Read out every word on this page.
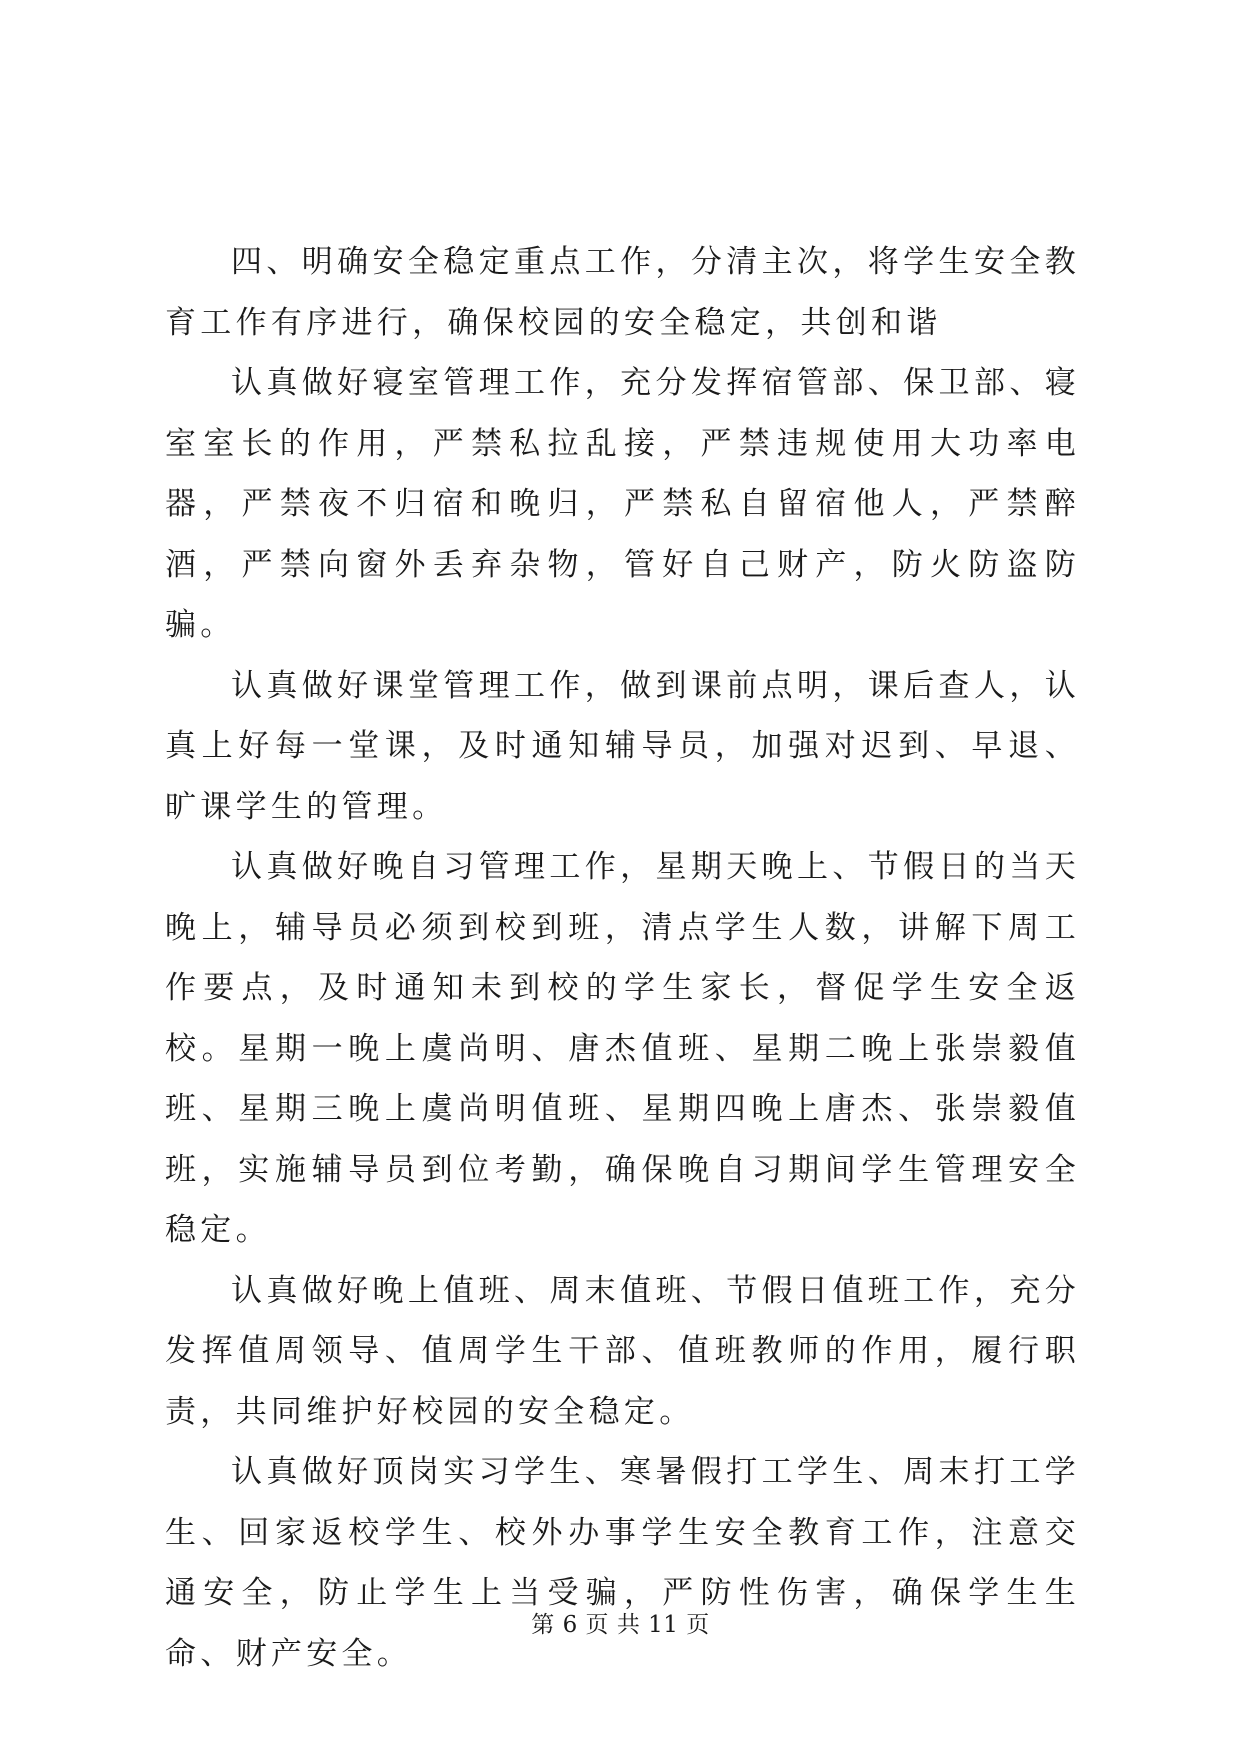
四、明确安全稳定重点工作，分清主次，将学生安全教育工作有序进行，确保校园的安全稳定，共创和谐

认真做好寝室管理工作，充分发挥宿管部、保卫部、寝室室长的作用，严禁私拉乱接，严禁违规使用大功率电器，严禁夜不归宿和晚归，严禁私自留宿他人，严禁醉酒，严禁向窗外丢弃杂物，管好自己财产，防火防盗防骗。

认真做好课堂管理工作，做到课前点明，课后查人，认真上好每一堂课，及时通知辅导员，加强对迟到、早退、旷课学生的管理。

认真做好晚自习管理工作，星期天晚上、节假日的当天晚上，辅导员必须到校到班，清点学生人数，讲解下周工作要点，及时通知未到校的学生家长，督促学生安全返校。星期一晚上虞尚明、唐杰值班、星期二晚上张崇毅值班、星期三晚上虞尚明值班、星期四晚上唐杰、张崇毅值班，实施辅导员到位考勤，确保晚自习期间学生管理安全稳定。

认真做好晚上值班、周末值班、节假日值班工作，充分发挥值周领导、值周学生干部、值班教师的作用，履行职责，共同维护好校园的安全稳定。

认真做好顶岗实习学生、寒暑假打工学生、周末打工学生、回家返校学生、校外办事学生安全教育工作，注意交通安全，防止学生上当受骗，严防性伤害，确保学生生命、财产安全。

第 6 页 共 11 页
